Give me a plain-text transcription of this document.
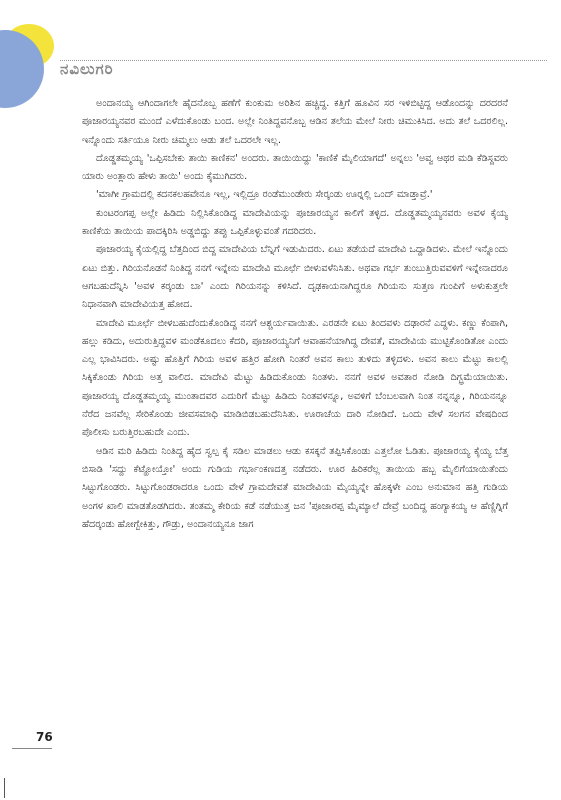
ನವಿಲುಗರಿ

ಅಂದಾನಯ್ಯ ಆಗಿಂದಾಗಲೇ ಹೈದನೊಬ್ಬ ಹಣೆಗೆ ಕುಂಕುಮ ಅರಿಶಿನ ಹಚ್ಚಿದ್ದ. ಕತ್ತಿಗೆ ಹೂವಿನ ಸರ ಇಳಿಬಿಟ್ಟಿದ್ದ ಆಡೊಂದನ್ನು ದರದರನೆ ಪೂಜಾರಯ್ಯನವರ ಮುಂದೆ ಎಳೆದುಕೊಂಡು ಬಂದ. ಅಲ್ಲೇ ನಿಂತಿದ್ದವನೊಬ್ಬ ಆಡಿನ ತಲೆಯ ಮೇಲೆ ನೀರು ಚಿಮುಕಿಸಿದ. ಅದು ತಲೆ ಒದರಲಿಲ್ಲ. ಇನ್ನೊಂದು ಸರ್ತಿಯೂ ನೀರು ಚಿಮ್ಮಲು ಆಡು ತಲೆ ಒದರಲೇ ಇಲ್ಲ.

ದೊಡ್ಡತಮ್ಮಯ್ಯ 'ಒಪ್ಪಿಸಬೇಕು ತಾಯಿ ಕಾಣಿಕನ' ಅಂದರು. ತಾಯಿಯಿದ್ದು 'ಕಾಣಿಕೆ ಮೈಲಿಯಾಗದೆ' ಅನ್ನಲು 'ಅವ್ವ ಆಥರ ಮಡಿ ಕೆಡಿಸ್ದವರು ಯಾರು ಅಂತ್ಲಾರು ಹೇಳು ತಾಯಿ' ಅಂದು ಕೈಮುಗಿದರು.

'ಮಾಗೀ ಗ್ರಾಮದಲ್ಲಿ ಕದನಕಲಹವೇನೂ ಇಲ್ಲ, ಇಲ್ಲಿದ್ರೂ ರಂಡೆಮುಂಡೇರು ಸೇರ್‍ಕಂಡು ಊರ್‍ನಲ್ಲಿ ಒಂದ್ ಮಾಡ್ತಾವ್ರೆ.'

ಕುಂಟರಂಗಪ್ಪ ಅಲ್ಲೇ ಹಿಡಿದು ನಿಲ್ಲಿಸಿಕೊಂಡಿದ್ದ ಮಾದೇವಿಯನ್ನು ಪೂಜಾರಯ್ಯನ ಕಾಲಿಗೆ ತಳ್ಳಿದ. ದೊಡ್ಡತಮ್ಮಯ್ಯನವರು ಅವಳ ಕೈಯ್ಯ ಕಾಣಿಕೆಯ ತಾಯಿಯ ಪಾದಕ್ಕಿರಿಸಿ ಅಡ್ಡಬಿದ್ದು ತಪ್ಪು ಒಪ್ಪಿಕೊಳ್ಳುವಂತೆ ಗದರಿದರು.

ಪೂಜಾರಯ್ಯ ಕೈಯಲ್ಲಿದ್ದ ಬೆತ್ತದಿಂದ ಬಿದ್ದ ಮಾದೇವಿಯ ಬೆನ್ನಿಗೆ ಇಡುಮಿದರು. ಏಟು ತಡೆಯದೆ ಮಾದೇವಿ ಒದ್ದಾಡಿದಳು. ಮೇಲೆ ಇನ್ನೊಂದು ಏಟು ಬಿತ್ತು. ಗಿರಿಯನೊಡನೆ ನಿಂತಿದ್ದ ನನಗೆ ಇನ್ನೇನು ಮಾದೇವಿ ಮೂರ್ಛೆ ಬೀಳುವಳೆನಿಸಿತು. ಅಥವಾ ಗರ್ಭ ತುಂಬುತ್ತಿರುವವಳಿಗೆ ಇನ್ನೇನಾದರೂ ಆಗಬಹುದೆನ್ನಿಸಿ 'ಅವಳ ಕರ್‍ಕಂಡು ಬಾ' ಎಂದು ಗಿರಿಯನನ್ನು ಕಳಿಸಿದೆ. ದೃಢಕಾಯನಾಗಿದ್ದರೂ ಗಿರಿಯನು ಸುತ್ತಣ ಗುಂಪಿಗೆ ಅಳುಕುತ್ತಲೇ ನಿಧಾನವಾಗಿ ಮಾದೇವಿಯತ್ತ ಹೋದ.

ಮಾದೇವಿ ಮೂರ್ಛೆ ಬೀಳಬಹುದೆಂದುಕೊಂಡಿದ್ದ ನನಗೆ ಆಶ್ಚರ್ಯವಾಯಿತು. ಎರಡನೇ ಏಟು ತಿಂದವಳು ದಢಾರನೆ ಎದ್ದಳು. ಕಣ್ಣು ಕೆಂಪಾಗಿ, ಹಲ್ಲು ಕಡಿದು, ಅದುರುತ್ತಿದ್ದವಳ ಮಂಡೆಕೂದಲು ಕೆದರಿ, ಪೂಜಾರಯ್ಯನಿಗೆ ಆವಾಹನೆಯಾಗಿದ್ದ ದೇವತೆ, ಮಾದೇವಿಯ ಮುಟ್ಟಿಕೊಂಡಿತೋ ಎಂದು ಎಲ್ಲ ಭಾವಿಸಿದರು. ಅಷ್ಟು ಹೊತ್ತಿಗೆ ಗಿರಿಯ ಅವಳ ಹತ್ತಿರ ಹೋಗಿ ನಿಂತರೆ ಅವನ ಕಾಲು ತುಳಿದು ತಳ್ಳಿದಳು. ಅವನ ಕಾಲು ಮೆಟ್ಟು ಕಾಲಲ್ಲಿ ಸಿಕ್ಕಿಕೊಂಡು ಗಿರಿಯ ಅತ್ತ ವಾಲಿದ. ಮಾದೇವಿ ಮೆಟ್ಟು ಹಿಡಿದುಕೊಂಡು ನಿಂತಳು. ನನಗೆ ಅವಳ ಅವತಾರ ನೋಡಿ ದಿಗ್ಭ್ರಮೆಯಾಯಿತು. ಪೂಜಾರಯ್ಯ ದೊಡ್ಡತಮ್ಮಯ್ಯ ಮುಂತಾದವರ ಎದುರಿಗೆ ಮೆಟ್ಟು ಹಿಡಿದು ನಿಂತವಳನ್ನೂ, ಅವಳಿಗೆ ಬೆಂಬಲವಾಗಿ ನಿಂತ ನನ್ನನ್ನೂ, ಗಿರಿಯನನ್ನೂ ನೆರೆದ ಜನವೆಲ್ಲ ಸೇರಿಕೊಂಡು ಜೀವಸಮಾಧಿ ಮಾಡಿಬಿಡಬಹುದೆನಿಸಿತು. ಊರಾಚೆಯ ದಾರಿ ನೋಡಿದೆ. ಒಂದು ವೇಳೆ ಸಲಗನ ವೇಷದಿಂದ ಪೊಲೀಸು ಬರುತ್ತಿರಬಹುದೇ ಎಂದು.

ಆಡಿನ ಮರಿ ಹಿಡಿದು ನಿಂತಿದ್ದ ಹೈದ ಸ್ವಲ್ಪ ಕೈ ಸಡಿಲ ಮಾಡಲು ಆಡು ಕಸಕ್ಕನೆ ತಪ್ಪಿಸಿಕೊಂಡು ಎತ್ತಲೋ ಓಡಿತು. ಪೂಜಾರಯ್ಯ ಕೈಯ್ಯ ಬೆತ್ತ ಬಿಸಾಡಿ 'ಸದ್ದು ಕೆಟ್ಹೋಯ್ತೋ' ಅಂದು ಗುಡಿಯ ಗರ್ಭಾಂಕಣದತ್ತ ನಡೆದರು. ಊರ ಹಿರಿಕರೆಲ್ಲ ತಾಯಿಯ ಹಬ್ಬ ಮೈಲಿಗೆಯಾಯಿತೆಂದು ಸಿಟ್ಟುಗೊಂಡರು. ಸಿಟ್ಟುಗೊಂಡರಾದರೂ ಒಂದು ವೇಳೆ ಗ್ರಾಮದೇವತೆ ಮಾದೇವಿಯ ಮೈಯ್ಯನ್ನೇ ಹೊಕ್ಕಳೇ ಎಂಬ ಅನುಮಾನ ಹತ್ತಿ ಗುಡಿಯ ಅಂಗಳ ಖಾಲಿ ಮಾಡತೊಡಗಿದರು. ತಂತಮ್ಮ ಕೇರಿಯ ಕಡೆ ನಡೆಯುತ್ತ ಜನ 'ಪೂಜಾರಪ್ಪ ಮೈಮ್ಯಾಲೆ ದೇವ್ರೆ ಬಂದಿದ್ದ ಹಂಗ್ಯಾಕಯ್ಯ ಆ ಹೆಣ್ಣಿಗ್ನಿಗೆ ಹೆದರ್‍ಕಂಡು ಹೋಗ್ಬೇಕಿತ್ತು, ಗೌಡ್ರು, ಅಂದಾನಯ್ಯನೂ ಜಾಗ

76
